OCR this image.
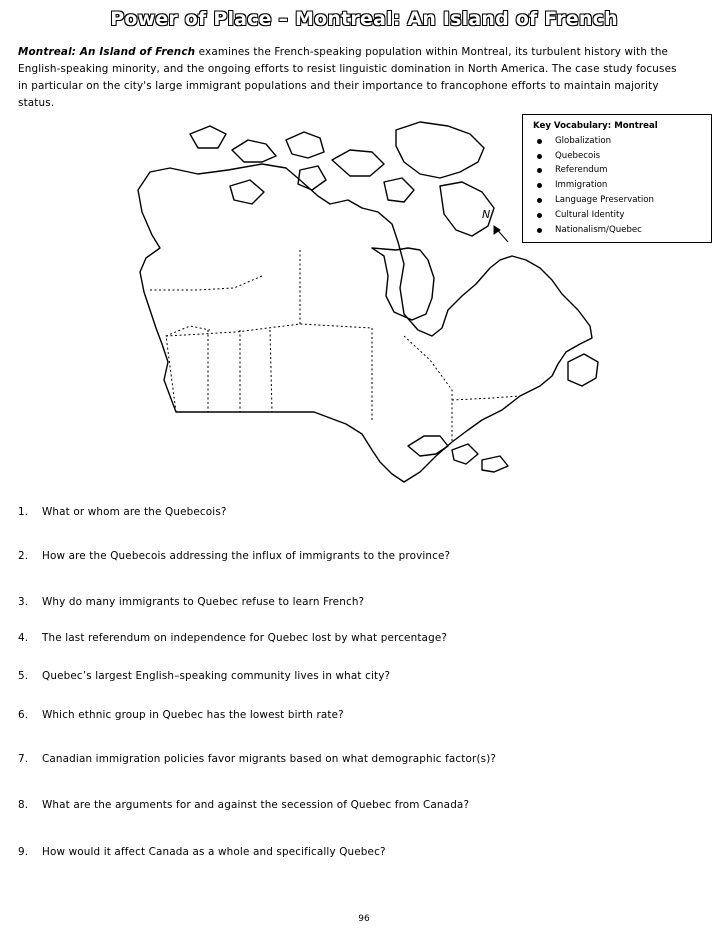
Power of Place – Montreal: An Island of French
Montreal: An Island of French examines the French-speaking population within Montreal, its turbulent history with the
English-speaking minority, and the ongoing efforts to resist linguistic domination in North America. The case study focuses
in particular on the city's large immigrant populations and their importance to francophone efforts to maintain majority
status.
N
Key Vocabulary: Montreal
Globalization
Quebecois
Referendum
Immigration
Language Preservation
Cultural Identity
Nationalism/Quebec
1. What or whom are the Quebecois?
2. How are the Quebecois addressing the influx of immigrants to the province?
3. Why do many immigrants to Quebec refuse to learn French?
4. The last referendum on independence for Quebec lost by what percentage?
5. Quebec’s largest English–speaking community lives in what city?
6. Which ethnic group in Quebec has the lowest birth rate?
7. Canadian immigration policies favor migrants based on what demographic factor(s)?
8. What are the arguments for and against the secession of Quebec from Canada?
9. How would it affect Canada as a whole and specifically Quebec?
96
